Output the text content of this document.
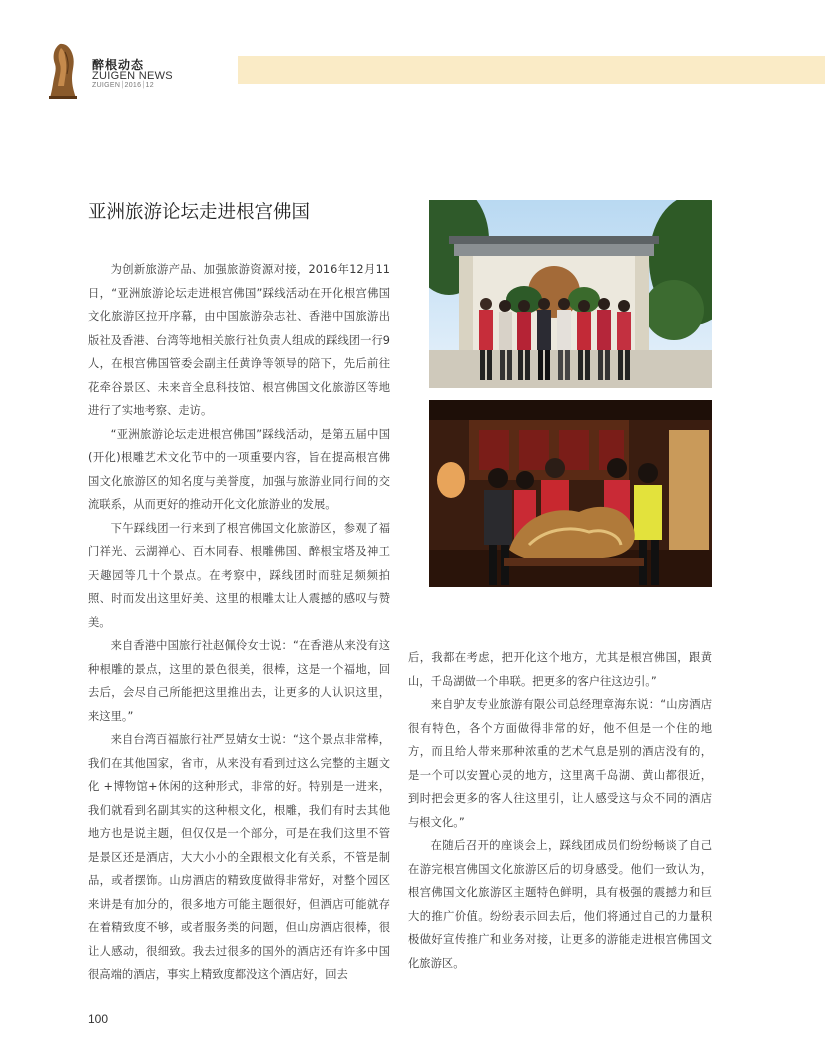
醉根动态
ZUIGEN NEWS
ZUIGEN⏐2016⏐12
亚洲旅游论坛走进根宫佛国

为创新旅游产品、加强旅游资源对接，2016年12月11日，“亚洲旅游论坛走进根宫佛国”踩线活动在开化根宫佛国文化旅游区拉开序幕，由中国旅游杂志社、香港中国旅游出版社及香港、台湾等地相关旅行社负责人组成的踩线团一行9人，在根宫佛国管委会副主任黄诤等领导的陪下，先后前往花牵谷景区、未来音全息科技馆、根宫佛国文化旅游区等地进行了实地考察、走访。

“亚洲旅游论坛走进根宫佛国”踩线活动，是第五届中国(开化)根雕艺术文化节中的一项重要内容，旨在提高根宫佛国文化旅游区的知名度与美誉度，加强与旅游业同行间的交流联系，从而更好的推动开化文化旅游业的发展。

下午踩线团一行来到了根宫佛国文化旅游区，参观了福门祥光、云湖禅心、百木同春、根雕佛国、醉根宝塔及神工天趣园等几十个景点。在考察中，踩线团时而驻足频频拍照、时而发出这里好美、这里的根雕太让人震撼的感叹与赞美。

来自香港中国旅行社赵佩伶女士说：“在香港从来没有这种根雕的景点，这里的景色很美，很棒，这是一个福地，回去后，会尽自己所能把这里推出去，让更多的人认识这里，来这里。”

来自台湾百福旅行社严昱婧女士说：“这个景点非常棒，我们在其他国家，省市，从来没有看到过这么完整的主题文化 +博物馆+休闲的这种形式，非常的好。特别是一进来，我们就看到名副其实的这种根文化，根雕，我们有时去其他地方也是说主题，但仅仅是一个部分，可是在我们这里不管是景区还是酒店，大大小小的全跟根文化有关系，不管是制品，或者摆饰。山房酒店的精致度做得非常好，对整个园区来讲是有加分的，很多地方可能主题很好，但酒店可能就存在着精致度不够，或者服务类的问题，但山房酒店很棒，很让人感动，很细致。我去过很多的国外的酒店还有许多中国很高端的酒店，事实上精致度都没这个酒店好，回去

后，我都在考虑，把开化这个地方，尤其是根宫佛国，跟黄山，千岛湖做一个串联。把更多的客户往这边引。”

来自驴友专业旅游有限公司总经理章海东说：“山房酒店很有特色，各个方面做得非常的好，他不但是一个住的地方，而且给人带来那种浓重的艺术气息是别的酒店没有的，是一个可以安置心灵的地方，这里离千岛湖、黄山都很近，到时把会更多的客人往这里引，让人感受这与众不同的酒店与根文化。”

在随后召开的座谈会上，踩线团成员们纷纷畅谈了自己在游完根宫佛国文化旅游区后的切身感受。他们一致认为，根宫佛国文化旅游区主题特色鲜明，具有极强的震撼力和巨大的推广价值。纷纷表示回去后，他们将通过自己的力量积极做好宣传推广和业务对接，让更多的游能走进根宫佛国文化旅游区。

100
